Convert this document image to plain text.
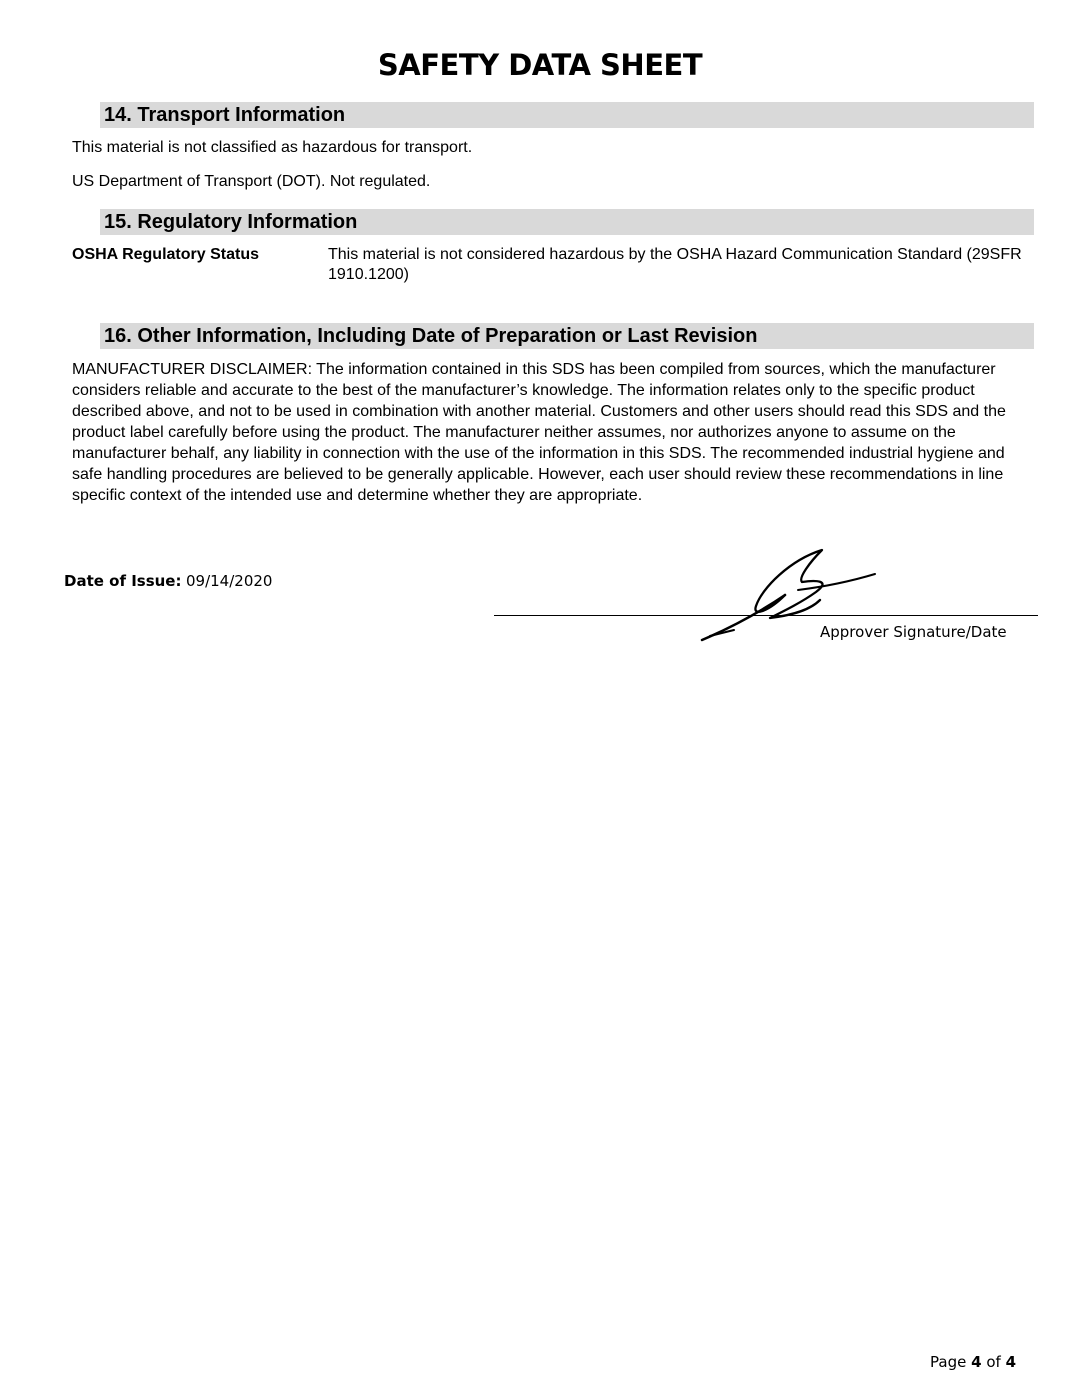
SAFETY DATA SHEET
14. Transport Information
This material is not classified as hazardous for transport.
US Department of Transport (DOT). Not regulated.
15. Regulatory Information
OSHA Regulatory Status	This material is not considered hazardous by the OSHA Hazard Communication Standard (29SFR 1910.1200)
16. Other Information, Including Date of Preparation or Last Revision
MANUFACTURER DISCLAIMER: The information contained in this SDS has been compiled from sources, which the manufacturer considers reliable and accurate to the best of the manufacturer’s knowledge. The information relates only to the specific product described above, and not to be used in combination with another material. Customers and other users should read this SDS and the product label carefully before using the product. The manufacturer neither assumes, nor authorizes anyone to assume on the manufacturer behalf, any liability in connection with the use of the information in this SDS. The recommended industrial hygiene and safe handling procedures are believed to be generally applicable. However, each user should review these recommendations in line specific context of the intended use and determine whether they are appropriate.
Date of Issue: 09/14/2020
Approver Signature/Date
Page 4 of 4
